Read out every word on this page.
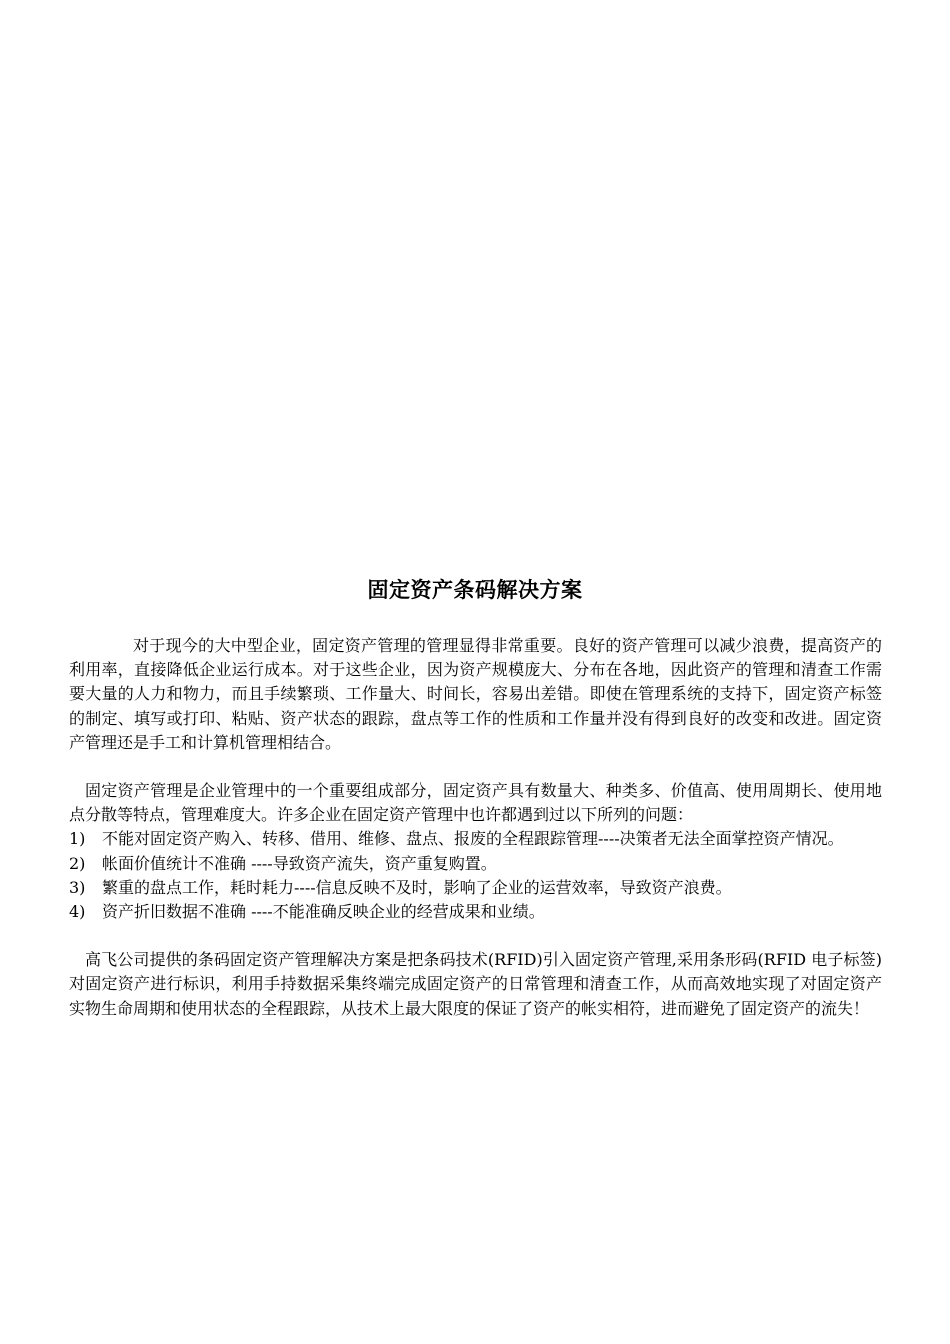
固定资产条码解决方案

对于现今的大中型企业，固定资产管理的管理显得非常重要。良好的资产管理可以减少浪费，提高资产的利用率，直接降低企业运行成本。对于这些企业，因为资产规模庞大、分布在各地，因此资产的管理和清查工作需要大量的人力和物力，而且手续繁琐、工作量大、时间长，容易出差错。即使在管理系统的支持下，固定资产标签的制定、填写或打印、粘贴、资产状态的跟踪，盘点等工作的性质和工作量并没有得到良好的改变和改进。固定资产管理还是手工和计算机管理相结合。

固定资产管理是企业管理中的一个重要组成部分，固定资产具有数量大、种类多、价值高、使用周期长、使用地点分散等特点，管理难度大。许多企业在固定资产管理中也许都遇到过以下所列的问题：

1) 不能对固定资产购入、转移、借用、维修、盘点、报废的全程跟踪管理----决策者无法全面掌控资产情况。
2) 帐面价值统计不准确 ----导致资产流失，资产重复购置。
3) 繁重的盘点工作，耗时耗力----信息反映不及时，影响了企业的运营效率，导致资产浪费。
4) 资产折旧数据不准确 ----不能准确反映企业的经营成果和业绩。

高飞公司提供的条码固定资产管理解决方案是把条码技术(RFID)引入固定资产管理,采用条形码(RFID 电子标签)对固定资产进行标识，利用手持数据采集终端完成固定资产的日常管理和清查工作，从而高效地实现了对固定资产实物生命周期和使用状态的全程跟踪，从技术上最大限度的保证了资产的帐实相符，进而避免了固定资产的流失！
